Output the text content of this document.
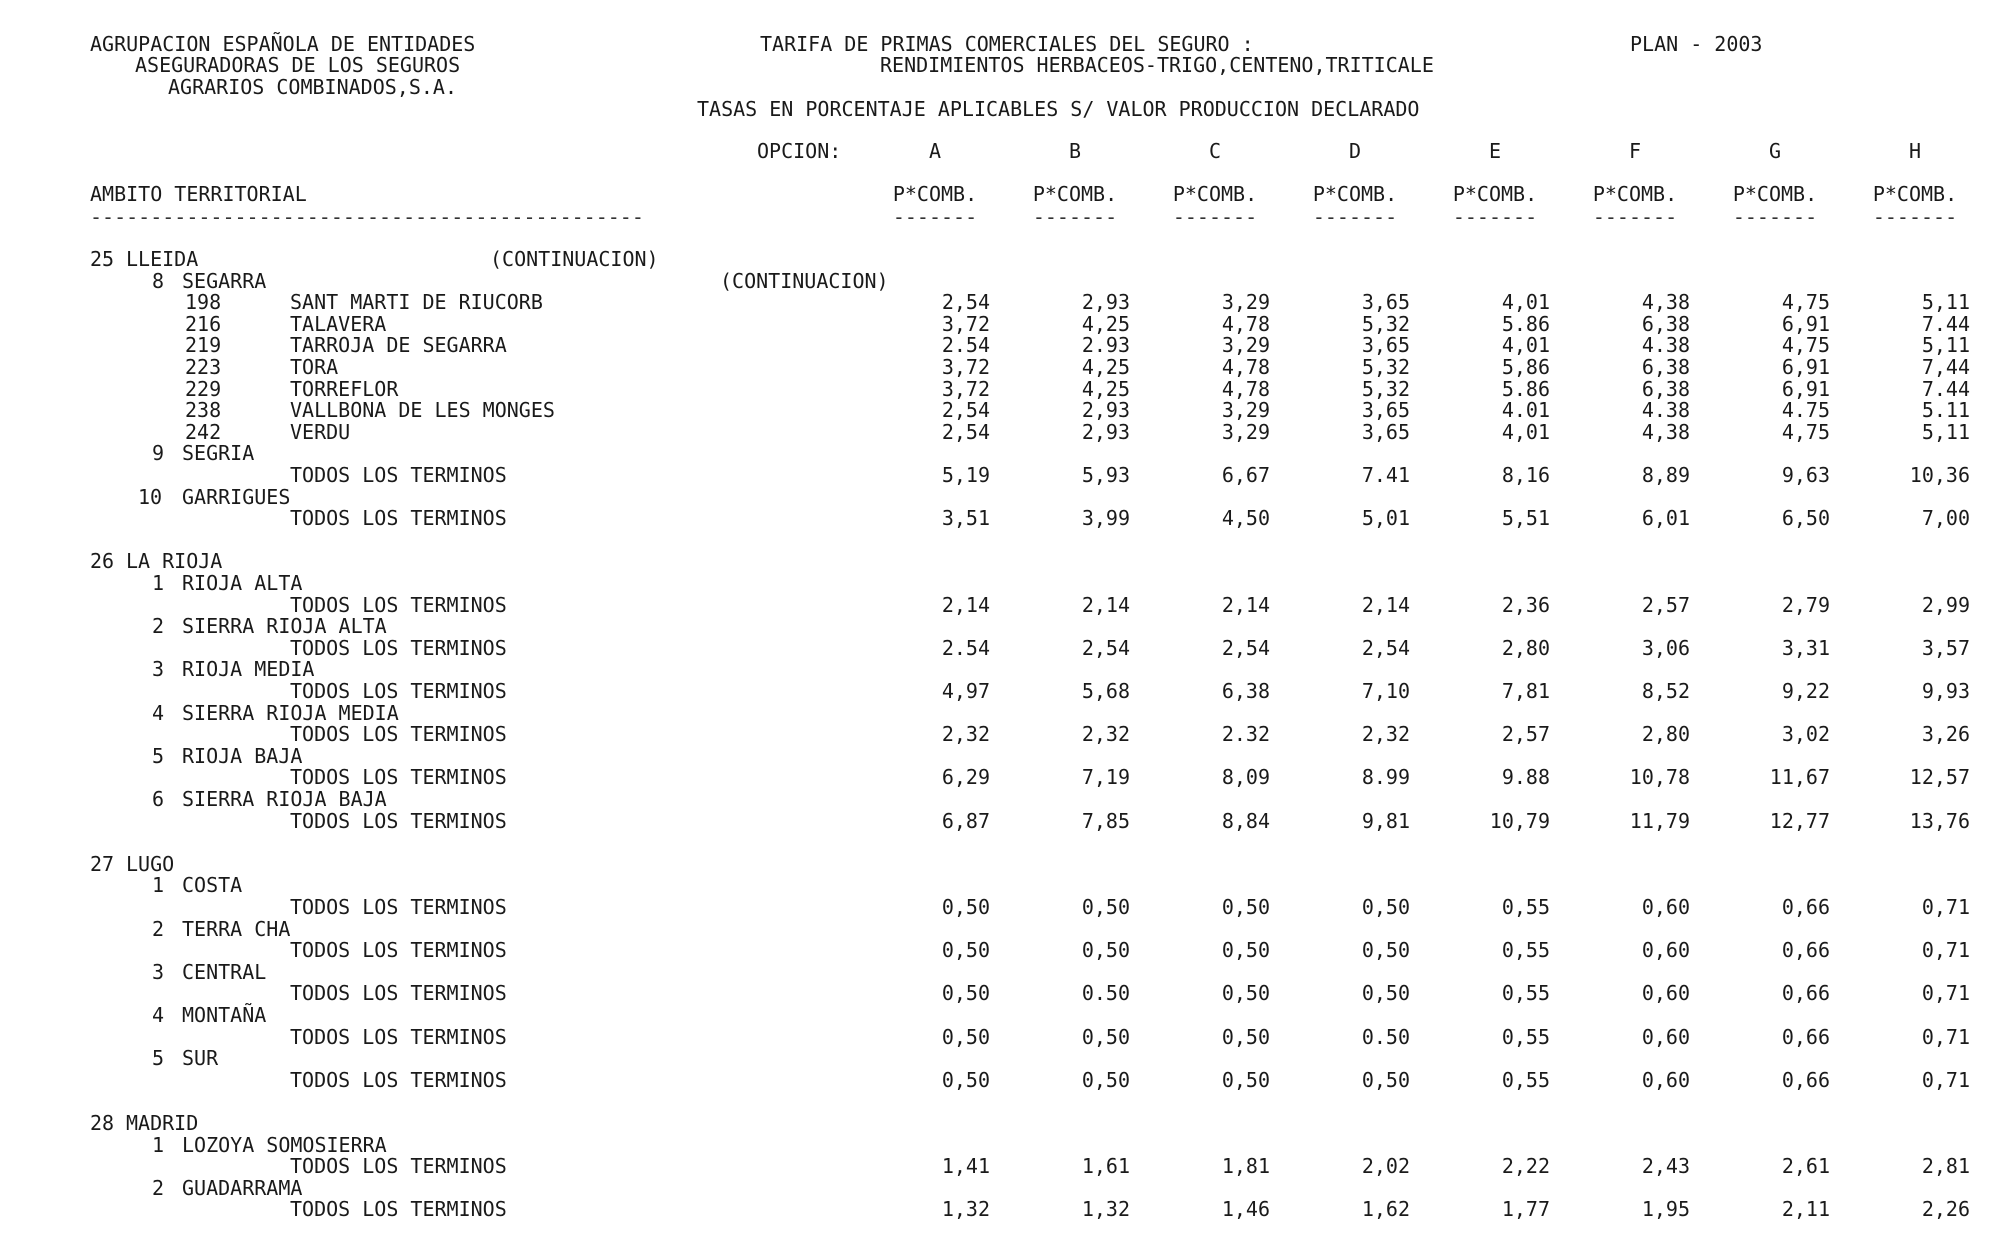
AGRUPACION ESPAÑOLA DE ENTIDADES
ASEGURADORAS DE LOS SEGUROS
AGRARIOS COMBINADOS,S.A.
TARIFA DE PRIMAS COMERCIALES DEL SEGURO :
RENDIMIENTOS HERBACEOS-TRIGO,CENTENO,TRITICALE
PLAN - 2003
TASAS EN PORCENTAJE APLICABLES S/ VALOR PRODUCCION DECLARADO
OPCION:	A	B	C	D	E	F	G	H
AMBITO TERRITORIAL	P*COMB.	P*COMB.	P*COMB.	P*COMB.	P*COMB.	P*COMB.	P*COMB.	P*COMB.
----------------------------------------------	-------	-------	-------	-------	-------	-------	-------	-------
25 LLEIDA	(CONTINUACION)
8 SEGARRA	(CONTINUACION)
198	SANT MARTI DE RIUCORB	2,54	2,93	3,29	3,65	4,01	4,38	4,75	5,11
216	TALAVERA	3,72	4,25	4,78	5,32	5.86	6,38	6,91	7.44
219	TARROJA DE SEGARRA	2.54	2.93	3,29	3,65	4,01	4.38	4,75	5,11
223	TORA	3,72	4,25	4,78	5,32	5,86	6,38	6,91	7,44
229	TORREFLOR	3,72	4,25	4,78	5,32	5.86	6,38	6,91	7.44
238	VALLBONA DE LES MONGES	2,54	2,93	3,29	3,65	4.01	4.38	4.75	5.11
242	VERDU	2,54	2,93	3,29	3,65	4,01	4,38	4,75	5,11
9 SEGRIA
TODOS LOS TERMINOS	5,19	5,93	6,67	7.41	8,16	8,89	9,63	10,36
10 GARRIGUES
TODOS LOS TERMINOS	3,51	3,99	4,50	5,01	5,51	6,01	6,50	7,00
26 LA RIOJA
1 RIOJA ALTA
TODOS LOS TERMINOS	2,14	2,14	2,14	2,14	2,36	2,57	2,79	2,99
2 SIERRA RIOJA ALTA
TODOS LOS TERMINOS	2.54	2,54	2,54	2,54	2,80	3,06	3,31	3,57
3 RIOJA MEDIA
TODOS LOS TERMINOS	4,97	5,68	6,38	7,10	7,81	8,52	9,22	9,93
4 SIERRA RIOJA MEDIA
TODOS LOS TERMINOS	2,32	2,32	2.32	2,32	2,57	2,80	3,02	3,26
5 RIOJA BAJA
TODOS LOS TERMINOS	6,29	7,19	8,09	8.99	9.88	10,78	11,67	12,57
6 SIERRA RIOJA BAJA
TODOS LOS TERMINOS	6,87	7,85	8,84	9,81	10,79	11,79	12,77	13,76
27 LUGO
1 COSTA
TODOS LOS TERMINOS	0,50	0,50	0,50	0,50	0,55	0,60	0,66	0,71
2 TERRA CHA
TODOS LOS TERMINOS	0,50	0,50	0,50	0,50	0,55	0,60	0,66	0,71
3 CENTRAL
TODOS LOS TERMINOS	0,50	0.50	0,50	0,50	0,55	0,60	0,66	0,71
4 MONTAÑA
TODOS LOS TERMINOS	0,50	0,50	0,50	0.50	0,55	0,60	0,66	0,71
5 SUR
TODOS LOS TERMINOS	0,50	0,50	0,50	0,50	0,55	0,60	0,66	0,71
28 MADRID
1 LOZOYA SOMOSIERRA
TODOS LOS TERMINOS	1,41	1,61	1,81	2,02	2,22	2,43	2,61	2,81
2 GUADARRAMA
TODOS LOS TERMINOS	1,32	1,32	1,46	1,62	1,77	1,95	2,11	2,26
